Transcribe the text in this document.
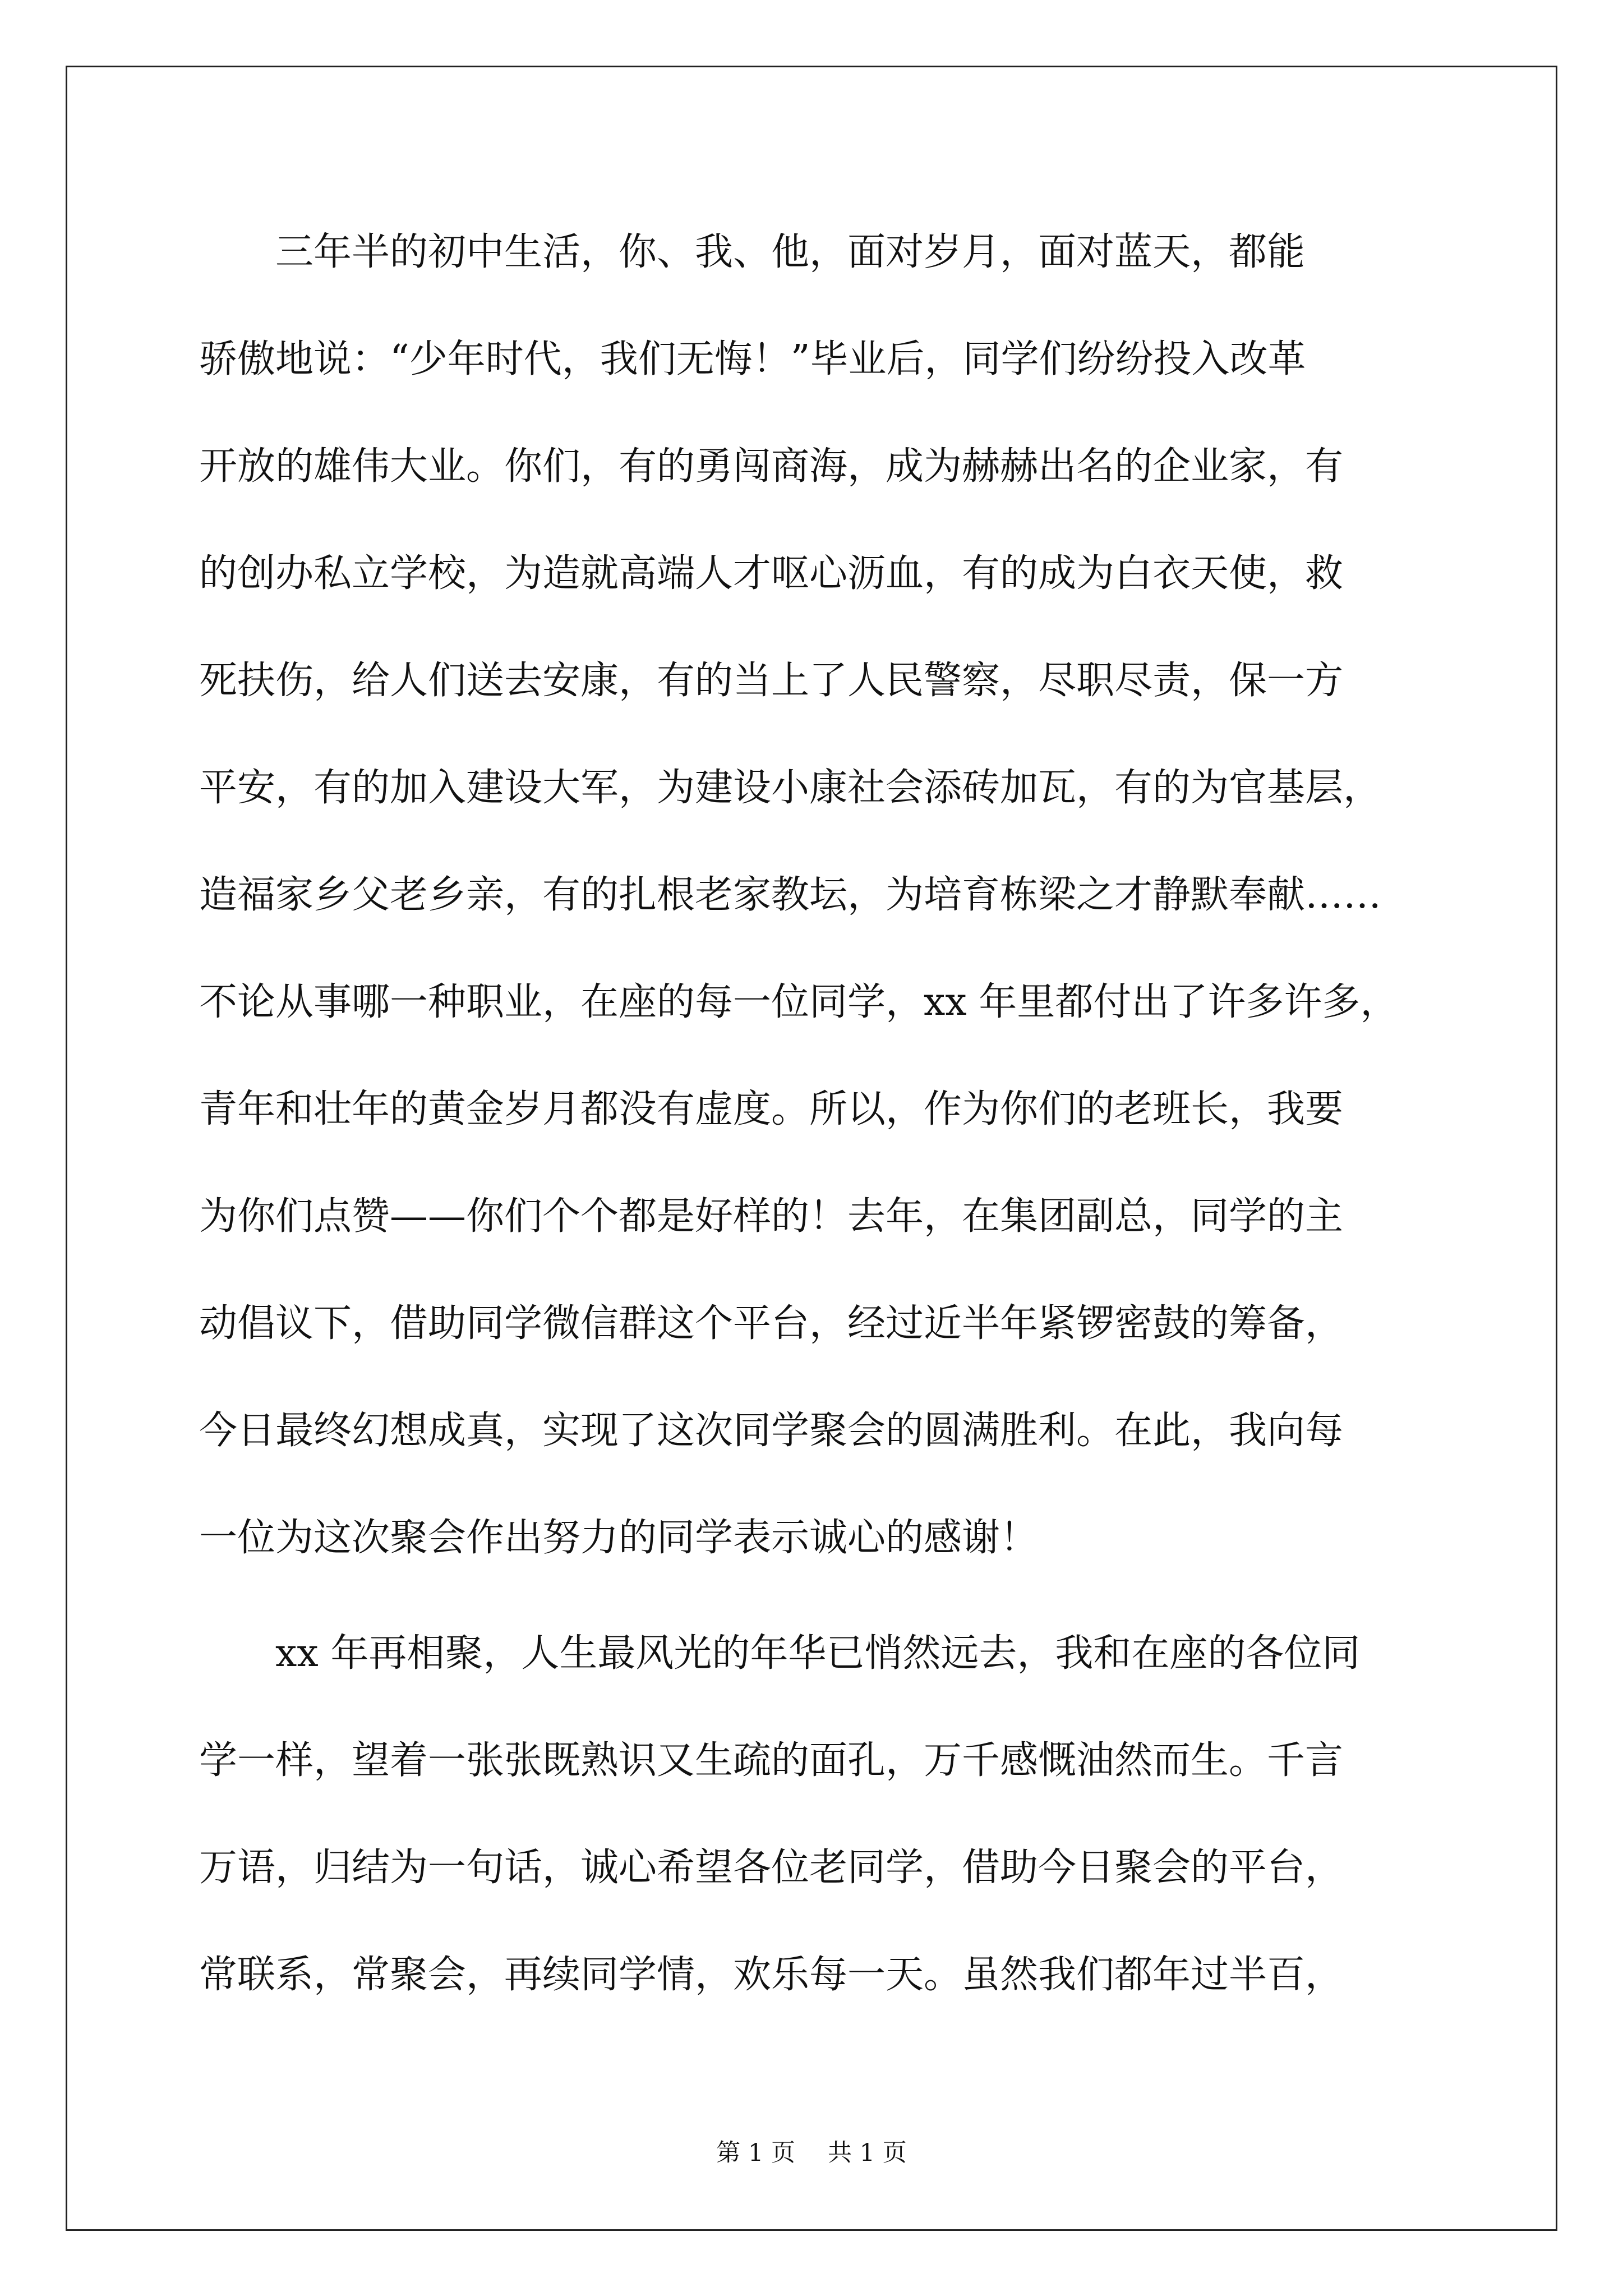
三年半的初中生活，你、我、他，面对岁月，面对蓝天，都能
骄傲地说：“少年时代，我们无悔！”毕业后，同学们纷纷投入改革
开放的雄伟大业。你们，有的勇闯商海，成为赫赫出名的企业家，有
的创办私立学校，为造就高端人才呕心沥血，有的成为白衣天使，救
死扶伤，给人们送去安康，有的当上了人民警察，尽职尽责，保一方
平安，有的加入建设大军，为建设小康社会添砖加瓦，有的为官基层，
造福家乡父老乡亲，有的扎根老家教坛，为培育栋梁之才静默奉献……
不论从事哪一种职业，在座的每一位同学，xx 年里都付出了许多许多，
青年和壮年的黄金岁月都没有虚度。所以，作为你们的老班长，我要
为你们点赞——你们个个都是好样的！去年，在集团副总，同学的主
动倡议下，借助同学微信群这个平台，经过近半年紧锣密鼓的筹备，
今日最终幻想成真，实现了这次同学聚会的圆满胜利。在此，我向每
一位为这次聚会作出努力的同学表示诚心的感谢！
xx 年再相聚，人生最风光的年华已悄然远去，我和在座的各位同
学一样，望着一张张既熟识又生疏的面孔，万千感慨油然而生。千言
万语，归结为一句话，诚心希望各位老同学，借助今日聚会的平台，
常联系，常聚会，再续同学情，欢乐每一天。虽然我们都年过半百，
第 1 页 共 1 页
